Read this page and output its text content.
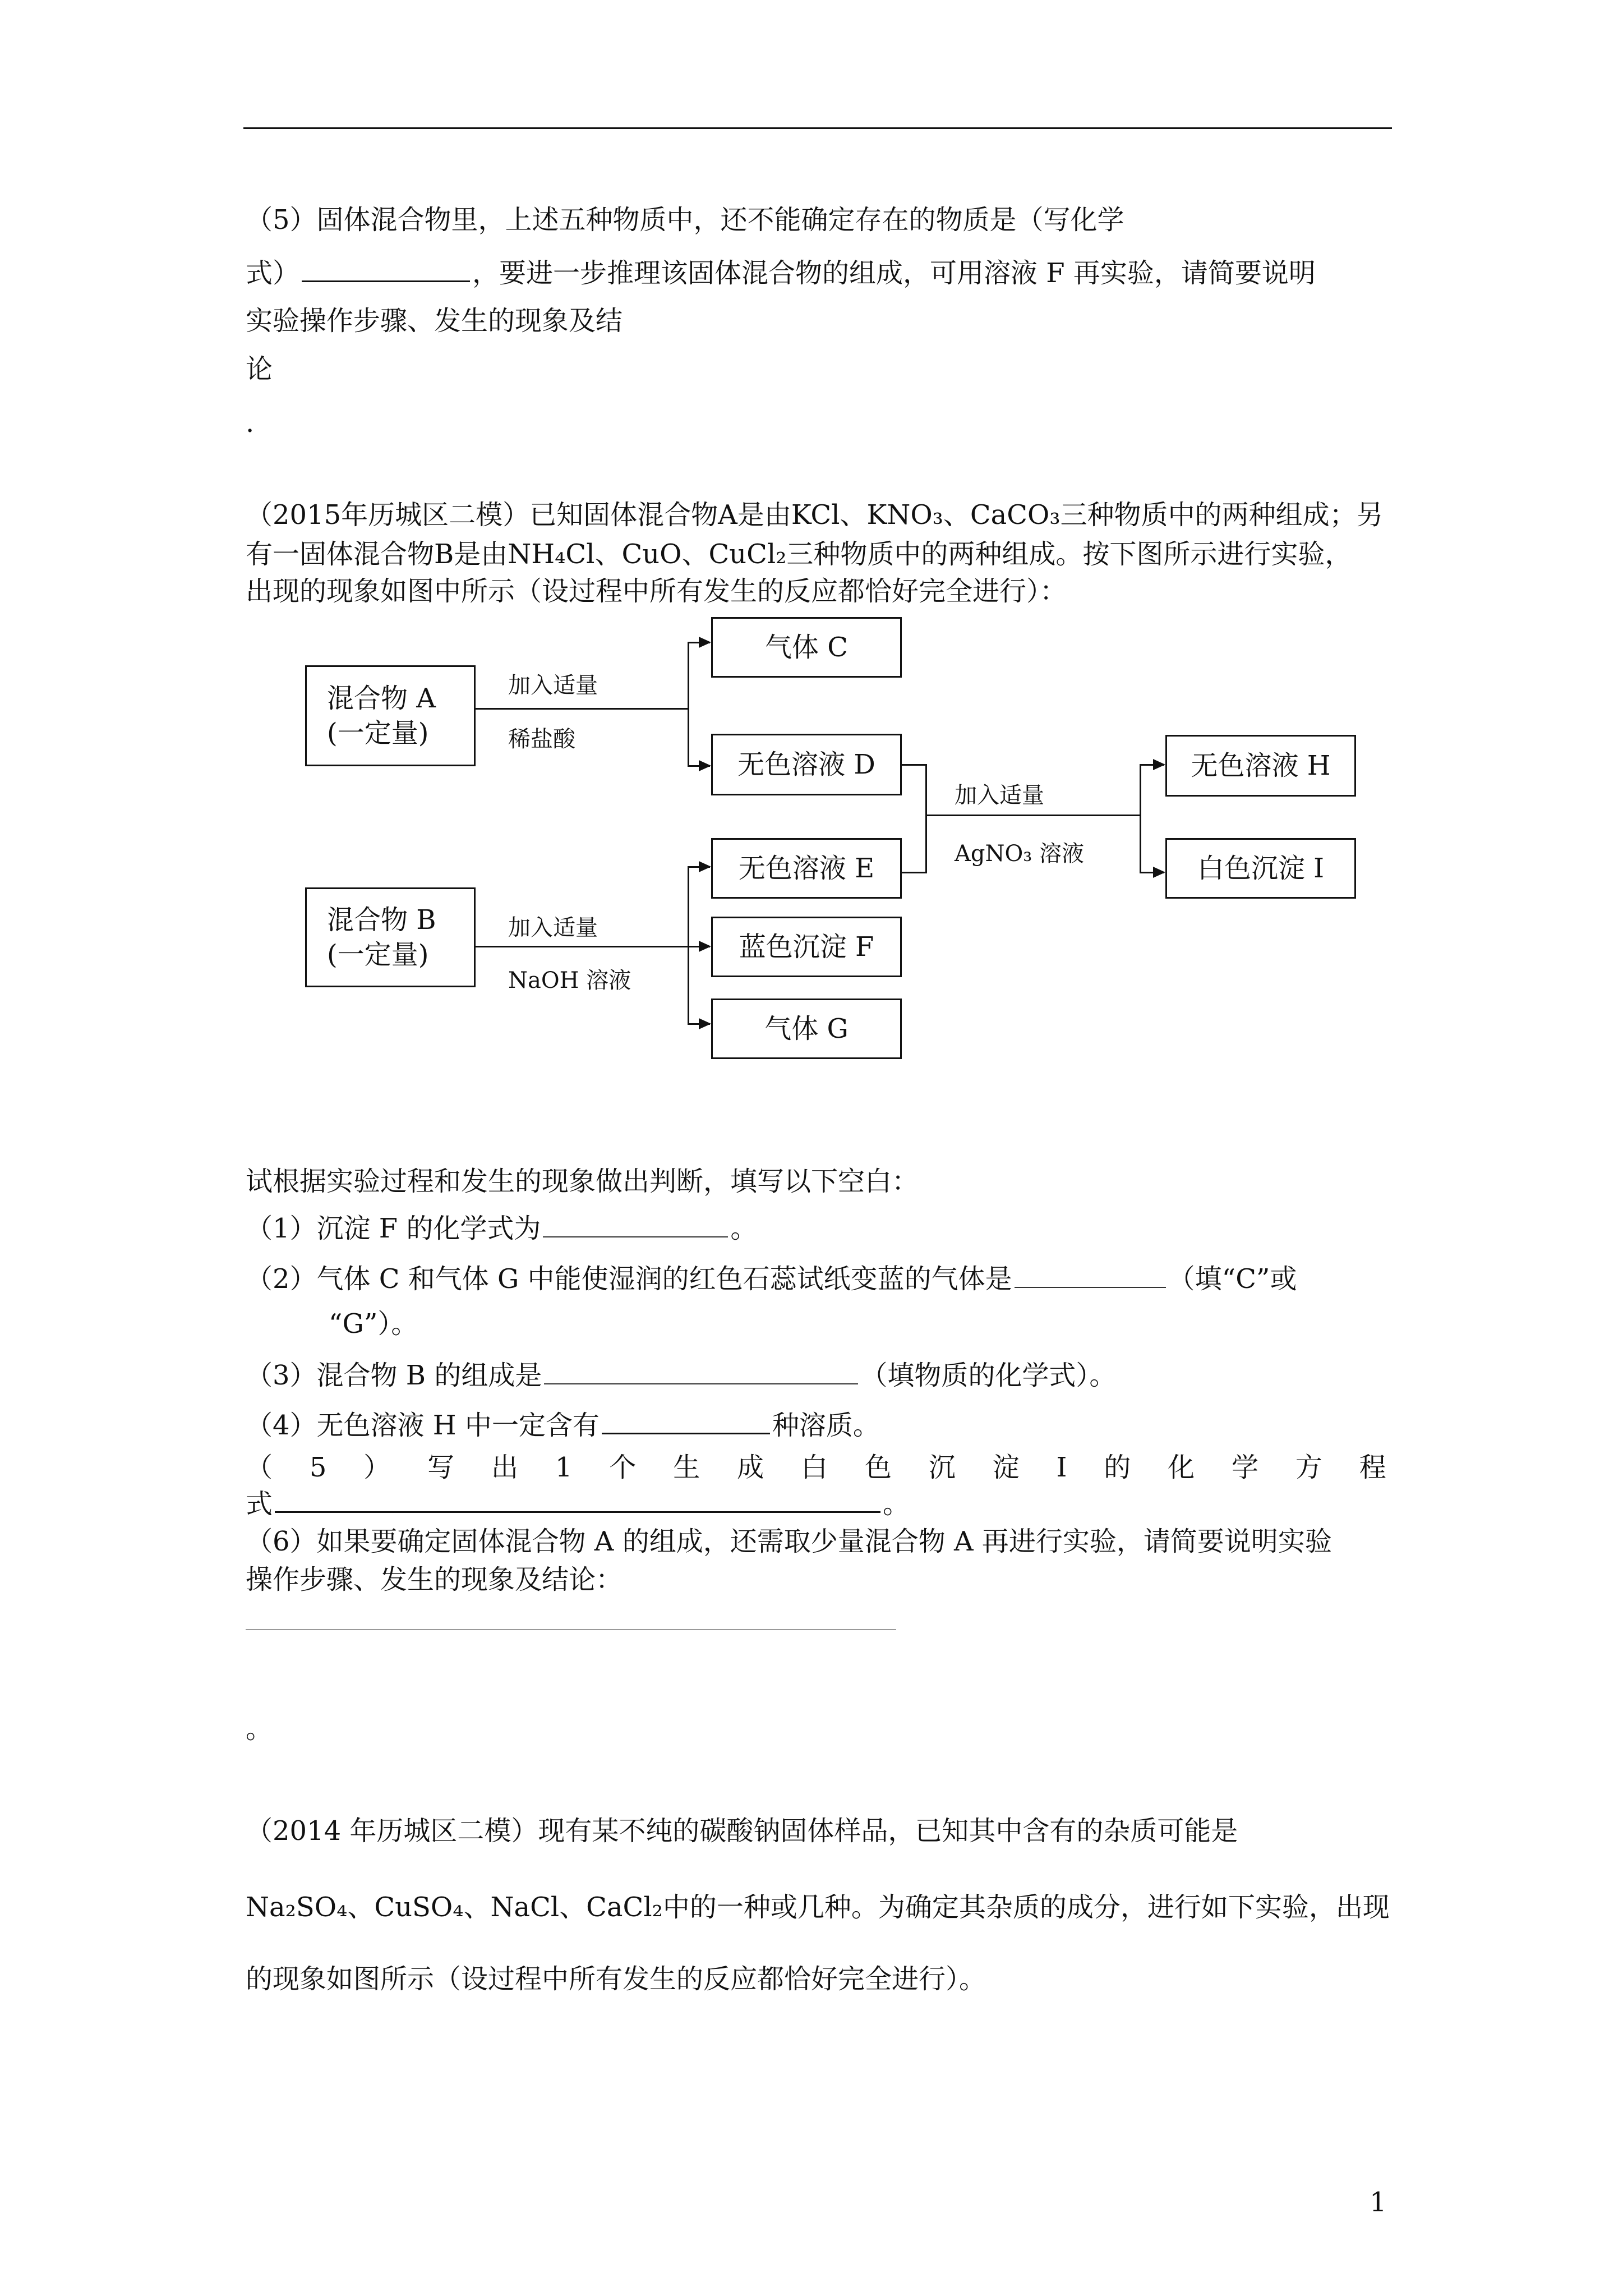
（5）固体混合物里，上述五种物质中，还不能确定存在的物质是（写化学
式）	，要进一步推理该固体混合物的组成，可用溶液 F 再实验，请简要说明
实验操作步骤、发生的现象及结
论
.
（2015年历城区二模）已知固体混合物A是由KCl、KNO₃、CaCO₃三种物质中的两种组成；另
有一固体混合物B是由NH₄Cl、CuO、CuCl₂三种物质中的两种组成。按下图所示进行实验，
出现的现象如图中所示（设过程中所有发生的反应都恰好完全进行）：
混合物 A
(一定量)
加入适量
稀盐酸
气体 C
无色溶液 D
加入适量
AgNO₃ 溶液
无色溶液 H
白色沉淀 I
混合物 B
(一定量)
加入适量
NaOH 溶液
无色溶液 E
蓝色沉淀 F
气体 G
试根据实验过程和发生的现象做出判断，填写以下空白：
（1）沉淀 F 的化学式为	。
（2）气体 C 和气体 G 中能使湿润的红色石蕊试纸变蓝的气体是	（填“C”或
“G”）。
（3）混合物 B 的组成是	（填物质的化学式）。
（4）无色溶液 H 中一定含有	种溶质。
（ 5 ） 写 出 1 个 生 成 白 色 沉 淀 I 的 化 学 方 程
式	。
（6）如果要确定固体混合物 A 的组成，还需取少量混合物 A 再进行实验，请简要说明实验
操作步骤、发生的现象及结论：
。
（2014 年历城区二模）现有某不纯的碳酸钠固体样品，已知其中含有的杂质可能是
Na₂SO₄、CuSO₄、NaCl、CaCl₂中的一种或几种。为确定其杂质的成分，进行如下实验，出现
的现象如图所示（设过程中所有发生的反应都恰好完全进行）。
1
